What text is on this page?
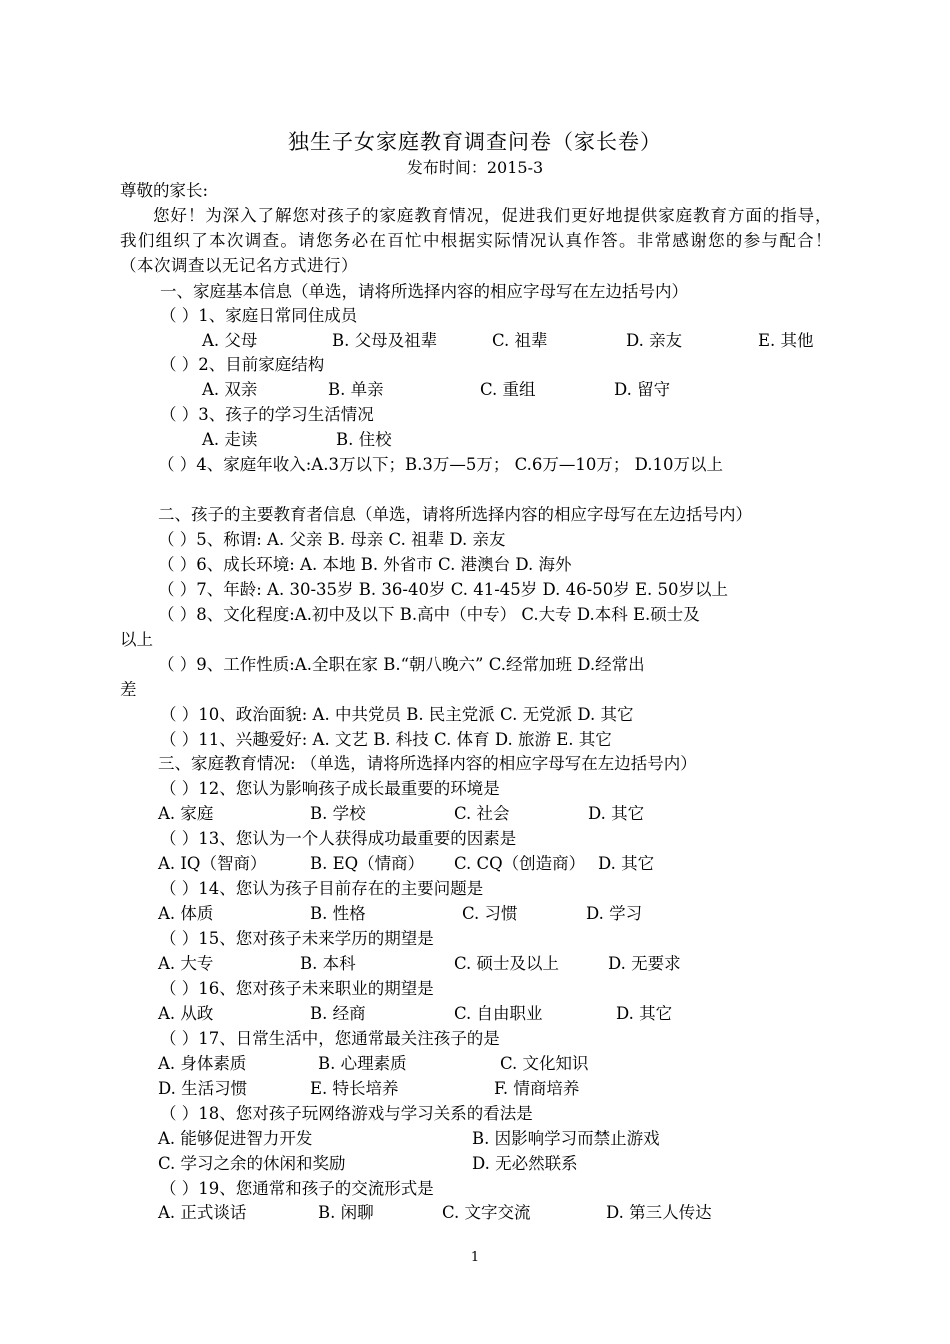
独生子女家庭教育调查问卷（家长卷）
发布时间：2015-3
尊敬的家长:
您好！为深入了解您对孩子的家庭教育情况，促进我们更好地提供家庭教育方面的指导，我们组织了本次调查。请您务必在百忙中根据实际情况认真作答。非常感谢您的参与配合！（本次调查以无记名方式进行）
一、家庭基本信息（单选，请将所选择内容的相应字母写在左边括号内）
（ ）1、家庭日常同住成员
A. 父母	B. 父母及祖辈	C. 祖辈	D. 亲友	E. 其他
（ ）2、目前家庭结构
A. 双亲	B. 单亲	C. 重组	D. 留守
（ ）3、孩子的学习生活情况
A. 走读	B. 住校
（ ）4、家庭年收入:A.3万以下；B.3万—5万； C.6万—10万； D.10万以上
二、孩子的主要教育者信息（单选，请将所选择内容的相应字母写在左边括号内）
（ ）5、称谓: A. 父亲 B. 母亲 C. 祖辈 D. 亲友
（ ）6、成长环境: A. 本地 B. 外省市 C. 港澳台 D. 海外
（ ）7、年龄: A. 30-35岁 B. 36-40岁 C. 41-45岁 D. 46-50岁 E. 50岁以上
（ ）8、文化程度:A.初中及以下 B.高中（中专） C.大专 D.本科 E.硕士及
以上
（ ）9、工作性质:A.全职在家 B.“朝八晚六” C.经常加班 D.经常出
差
（ ）10、政治面貌: A. 中共党员 B. 民主党派 C. 无党派 D. 其它
（ ）11、兴趣爱好: A. 文艺 B. 科技 C. 体育 D. 旅游 E. 其它
三、家庭教育情况: （单选，请将所选择内容的相应字母写在左边括号内）
（ ）12、您认为影响孩子成长最重要的环境是
A. 家庭	B. 学校	C. 社会	D. 其它
（ ）13、您认为一个人获得成功最重要的因素是
A. IQ（智商）	B. EQ（情商）	C. CQ（创造商） D. 其它
（ ）14、您认为孩子目前存在的主要问题是
A. 体质	B. 性格	C. 习惯	D. 学习
（ ）15、您对孩子未来学历的期望是
A. 大专	B. 本科	C. 硕士及以上	D. 无要求
（ ）16、您对孩子未来职业的期望是
A. 从政	B. 经商	C. 自由职业	D. 其它
（ ）17、日常生活中，您通常最关注孩子的是
A. 身体素质	B. 心理素质	C. 文化知识
D. 生活习惯	E. 特长培养	F. 情商培养
（ ）18、您对孩子玩网络游戏与学习关系的看法是
A. 能够促进智力开发	B. 因影响学习而禁止游戏
C. 学习之余的休闲和奖励	D. 无必然联系
（ ）19、您通常和孩子的交流形式是
A. 正式谈话	B. 闲聊	C. 文字交流	D. 第三人传达
1
